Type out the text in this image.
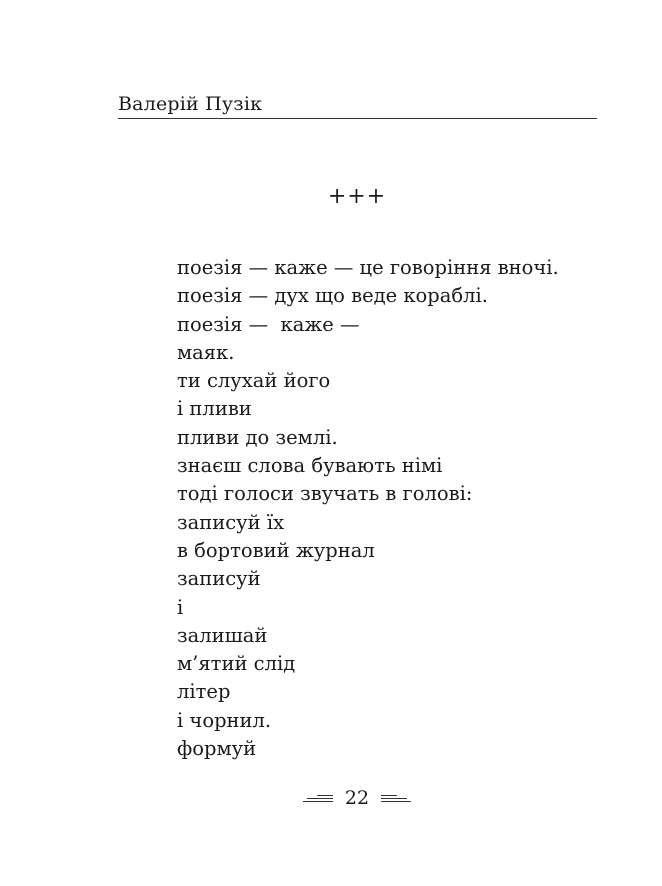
Валерій Пузік
+++
поезія — каже — це говоріння вночі.
поезія — дух що веде кораблі.
поезія —  каже —
маяк.
ти слухай його
і пливи
пливи до землі.
знаєш слова бувають німі
тоді голоси звучать в голові:
записуй їх
в бортовий журнал
записуй
і
залишай
м’ятий слід
літер
і чорнил.
формуй
22
